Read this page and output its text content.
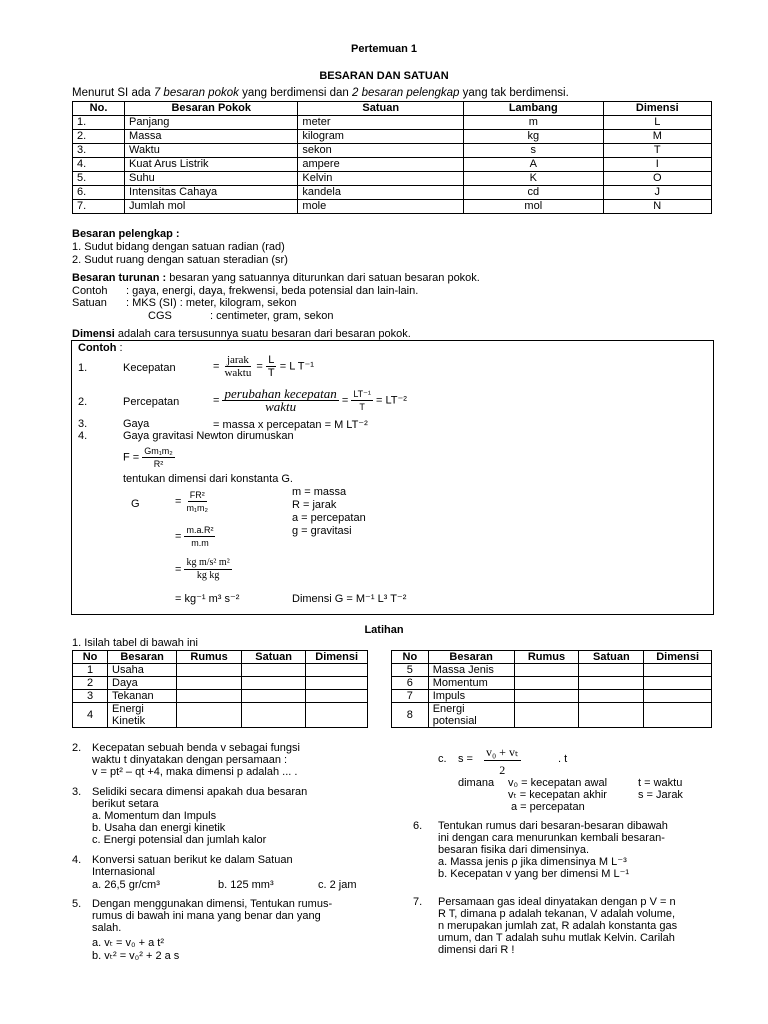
Pertemuan 1
BESARAN DAN SATUAN
Menurut SI ada 7 besaran pokok yang berdimensi dan 2 besaran pelengkap yang tak berdimensi.
No.	Besaran Pokok	Satuan	Lambang	Dimensi
1.	Panjang	meter	m	L
2.	Massa	kilogram	kg	M
3.	Waktu	sekon	s	T
4.	Kuat Arus Listrik	ampere	A	I
5.	Suhu	Kelvin	K	O
6.	Intensitas Cahaya	kandela	cd	J
7.	Jumlah mol	mole	mol	N
Besaran pelengkap :
1. Sudut bidang dengan satuan radian (rad)
2. Sudut ruang dengan satuan steradian (sr)
Besaran turunan : besaran yang satuannya diturunkan dari satuan besaran pokok.
Contoh : gaya, energi, daya, frekwensi, beda potensial dan lain-lain.
Satuan : MKS (SI) : meter, kilogram, sekon
CGS	: centimeter, gram, sekon
Dimensi adalah cara tersusunnya suatu besaran dari besaran pokok.
Contoh :
1.	Kecepatan	= $\frac{\text{jarak}}{\text{waktu}} = \frac{L}{T} = L$ T⁻¹
2.	Percepatan	= $\frac{\text{perubahan kecepatan}}{\text{waktu}} = \frac{\text{LT⁻¹}}{T} = LT^{-2}$
3.	Gaya	= massa x percepatan = M LT⁻²
4.	Gaya gravitasi Newton dirumuskan
$F = \frac{\text{Gm₁m₂}}{\text{R²}}$
tentukan dimensi dari konstanta G.
G	= $\frac{\text{FR²}}{\text{m₁m₂}}$
= $\frac{\text{m.a.R²}}{m.m}$
= $\frac{\text{kg m/s² m²}}{\text{kg kg}}$
= kg⁻¹ m³ s⁻²	Dimensi G = M⁻¹ L³ T⁻²
m = massa
R = jarak
a = percepatan
g = gravitasi
Latihan
1. Isilah tabel di bawah ini
No	Besaran	Rumus	Satuan	Dimensi
1	Usaha			
2	Daya			
3	Tekanan			
4	Energi Kinetik			
No	Besaran	Rumus	Satuan	Dimensi
5	Massa Jenis			
6	Momentum			
7	Impuls			
8	Energi potensial			
2. Kecepatan sebuah benda v sebagai fungsi
waktu t dinyatakan dengan persamaan :
v = pt² – qt +4, maka dimensi p adalah ... .
3. Selidiki secara dimensi apakah dua besaran
berikut setara
a. Momentum dan Impuls
b. Usaha dan energi kinetik
c. Energi potensial dan jumlah kalor
4. Konversi satuan berikut ke dalam Satuan
Internasional
a. 26,5 gr/cm³	b. 125 mm³	c. 2 jam
5. Dengan menggunakan dimensi, Tentukan rumus-
rumus di bawah ini mana yang benar dan yang
salah.
a. vₜ = v₀ + a t²
b. vₜ² = v₀² + 2 a s
c. $s = \frac{\text{v₀ + vₜ}}{2}$	. t
dimana v₀ = kecepatan awal
vₜ = kecepatan akhir
a = percepatan
t = waktu
s = Jarak
6. Tentukan rumus dari besaran-besaran dibawah
ini dengan cara menurunkan kembali besaran-
besaran fisika dari dimensinya.
a. Massa jenis ρ jika dimensinya M L⁻³
b. Kecepatan v yang ber dimensi M L⁻¹
7. Persamaan gas ideal dinyatakan dengan p V = n
R T, dimana p adalah tekanan, V adalah volume,
n merupakan jumlah zat, R adalah konstanta gas
umum, dan T adalah suhu mutlak Kelvin. Carilah
dimensi dari R !
